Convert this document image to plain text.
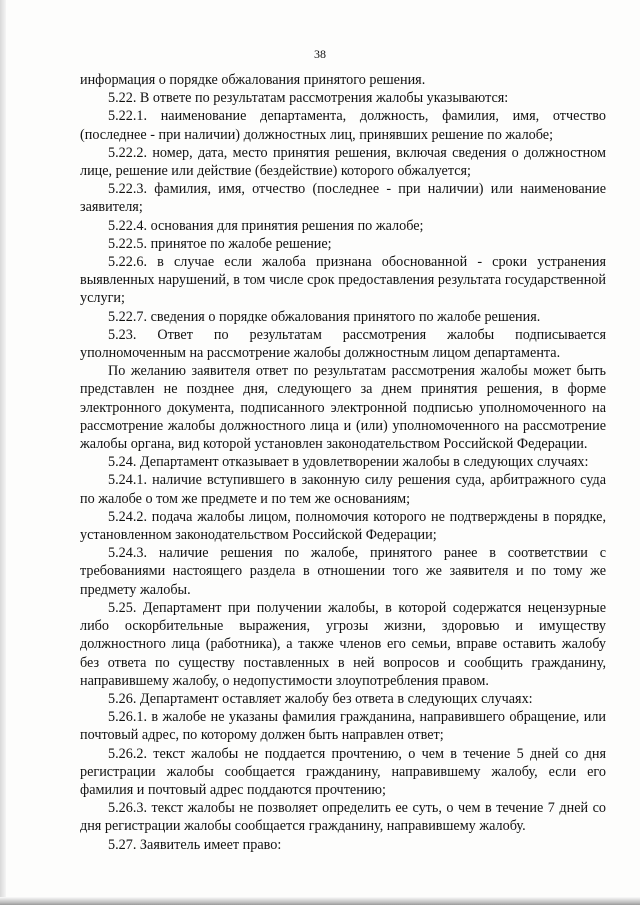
38

информация о порядке обжалования принятого решения.

5.22. В ответе по результатам рассмотрения жалобы указываются:

5.22.1. наименование департамента, должность, фамилия, имя, отчество (последнее - при наличии) должностных лиц, принявших решение по жалобе;

5.22.2. номер, дата, место принятия решения, включая сведения о должностном лице, решение или действие (бездействие) которого обжалуется;

5.22.3. фамилия, имя, отчество (последнее - при наличии) или наименование заявителя;

5.22.4. основания для принятия решения по жалобе;

5.22.5. принятое по жалобе решение;

5.22.6. в случае если жалоба признана обоснованной - сроки устранения выявленных нарушений, в том числе срок предоставления результата государственной услуги;

5.22.7. сведения о порядке обжалования принятого по жалобе решения.

5.23. Ответ по результатам рассмотрения жалобы подписывается уполномоченным на рассмотрение жалобы должностным лицом департамента.

По желанию заявителя ответ по результатам рассмотрения жалобы может быть представлен не позднее дня, следующего за днем принятия решения, в форме электронного документа, подписанного электронной подписью уполномоченного на рассмотрение жалобы должностного лица и (или) уполномоченного на рассмотрение жалобы органа, вид которой установлен законодательством Российской Федерации.

5.24. Департамент отказывает в удовлетворении жалобы в следующих случаях:

5.24.1. наличие вступившего в законную силу решения суда, арбитражного суда по жалобе о том же предмете и по тем же основаниям;

5.24.2. подача жалобы лицом, полномочия которого не подтверждены в порядке, установленном законодательством Российской Федерации;

5.24.3. наличие решения по жалобе, принятого ранее в соответствии с требованиями настоящего раздела в отношении того же заявителя и по тому же предмету жалобы.

5.25. Департамент при получении жалобы, в которой содержатся нецензурные либо оскорбительные выражения, угрозы жизни, здоровью и имуществу должностного лица (работника), а также членов его семьи, вправе оставить жалобу без ответа по существу поставленных в ней вопросов и сообщить гражданину, направившему жалобу, о недопустимости злоупотребления правом.

5.26. Департамент оставляет жалобу без ответа в следующих случаях:

5.26.1. в жалобе не указаны фамилия гражданина, направившего обращение, или почтовый адрес, по которому должен быть направлен ответ;

5.26.2. текст жалобы не поддается прочтению, о чем в течение 5 дней со дня регистрации жалобы сообщается гражданину, направившему жалобу, если его фамилия и почтовый адрес поддаются прочтению;

5.26.3. текст жалобы не позволяет определить ее суть, о чем в течение 7 дней со дня регистрации жалобы сообщается гражданину, направившему жалобу.

5.27. Заявитель имеет право:
